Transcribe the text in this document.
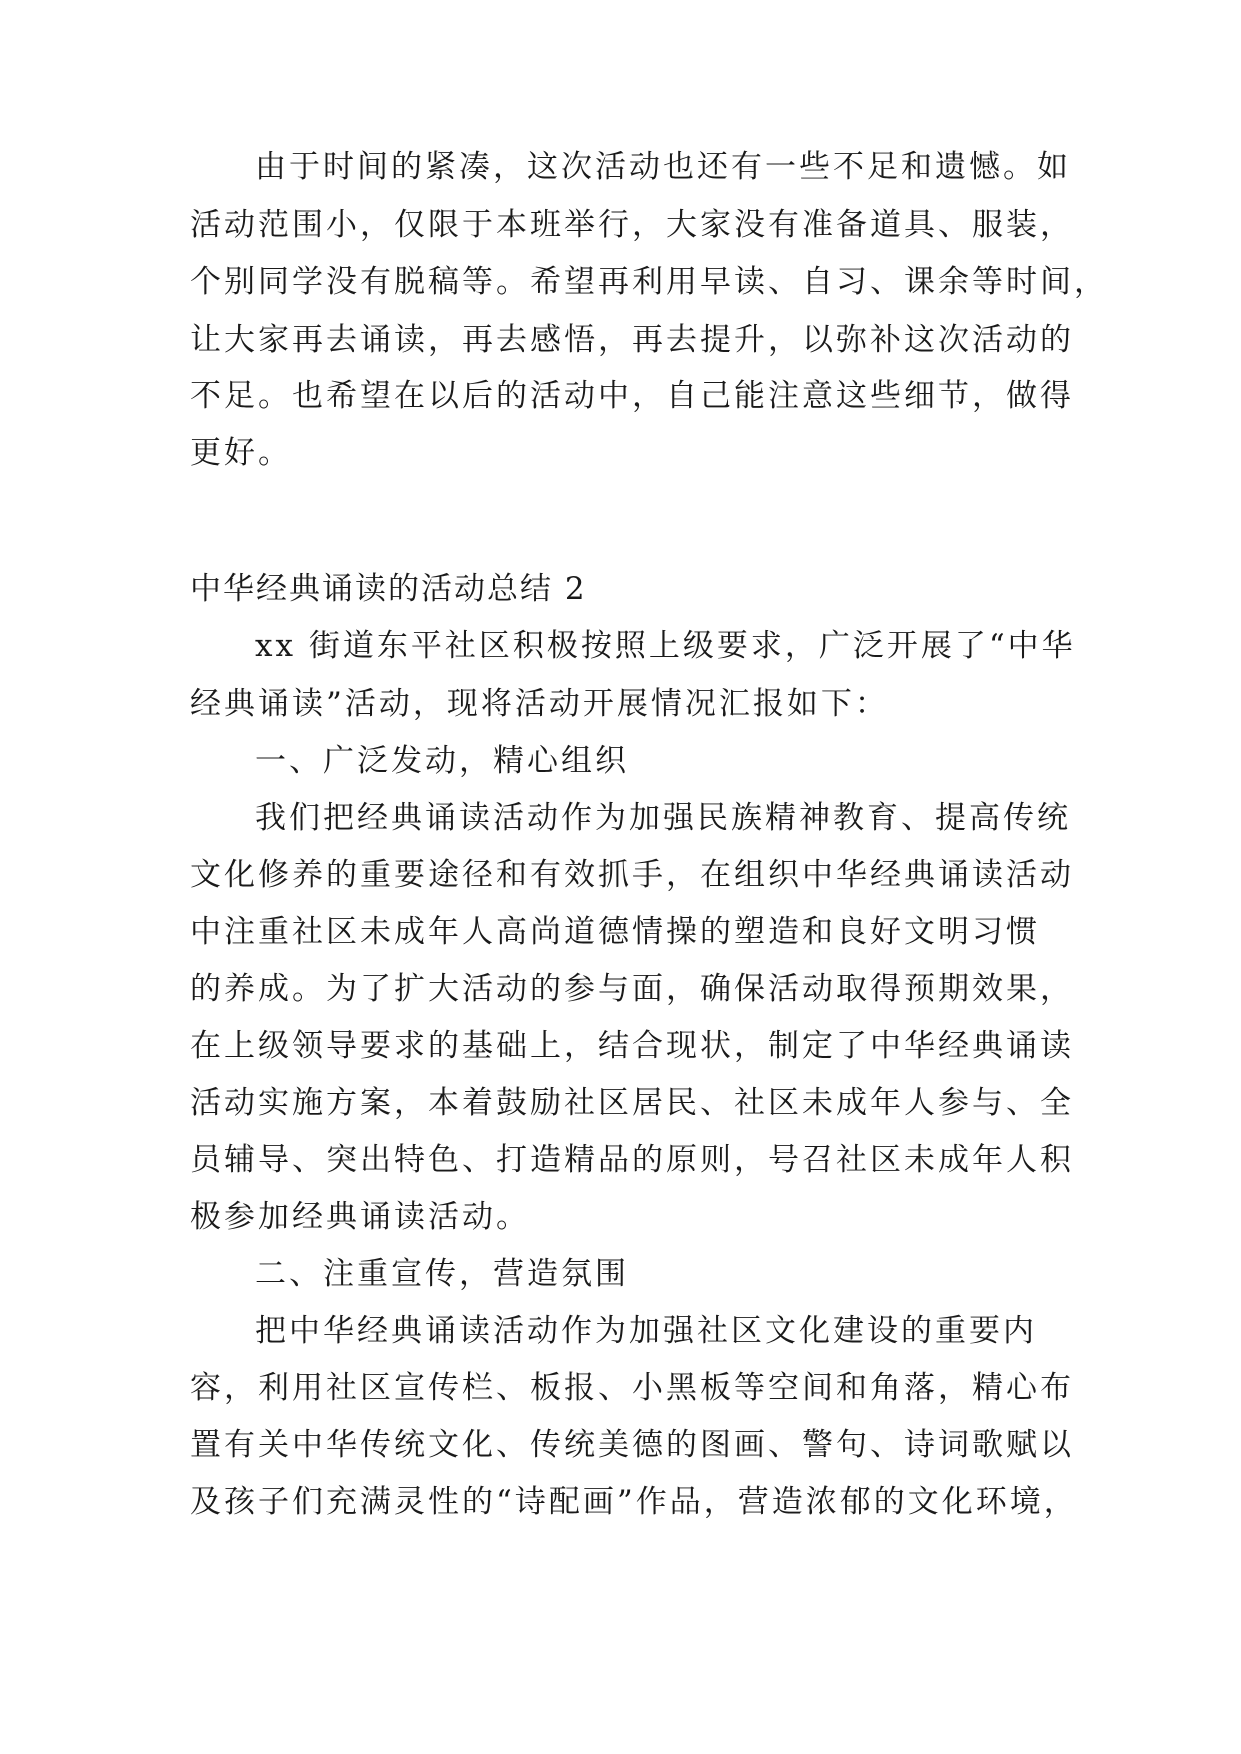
由于时间的紧凑，这次活动也还有一些不足和遗憾。如
活动范围小，仅限于本班举行，大家没有准备道具、服装，
个别同学没有脱稿等。希望再利用早读、自习、课余等时间，
让大家再去诵读，再去感悟，再去提升，以弥补这次活动的
不足。也希望在以后的活动中，自己能注意这些细节，做得
更好。
中华经典诵读的活动总结 2
xx 街道东平社区积极按照上级要求，广泛开展了“中华
经典诵读”活动，现将活动开展情况汇报如下：
一、广泛发动，精心组织
我们把经典诵读活动作为加强民族精神教育、提高传统
文化修养的重要途径和有效抓手，在组织中华经典诵读活动
中注重社区未成年人高尚道德情操的塑造和良好文明习惯
的养成。为了扩大活动的参与面，确保活动取得预期效果，
在上级领导要求的基础上，结合现状，制定了中华经典诵读
活动实施方案，本着鼓励社区居民、社区未成年人参与、全
员辅导、突出特色、打造精品的原则，号召社区未成年人积
极参加经典诵读活动。
二、注重宣传，营造氛围
把中华经典诵读活动作为加强社区文化建设的重要内
容，利用社区宣传栏、板报、小黑板等空间和角落，精心布
置有关中华传统文化、传统美德的图画、警句、诗词歌赋以
及孩子们充满灵性的“诗配画”作品，营造浓郁的文化环境，
